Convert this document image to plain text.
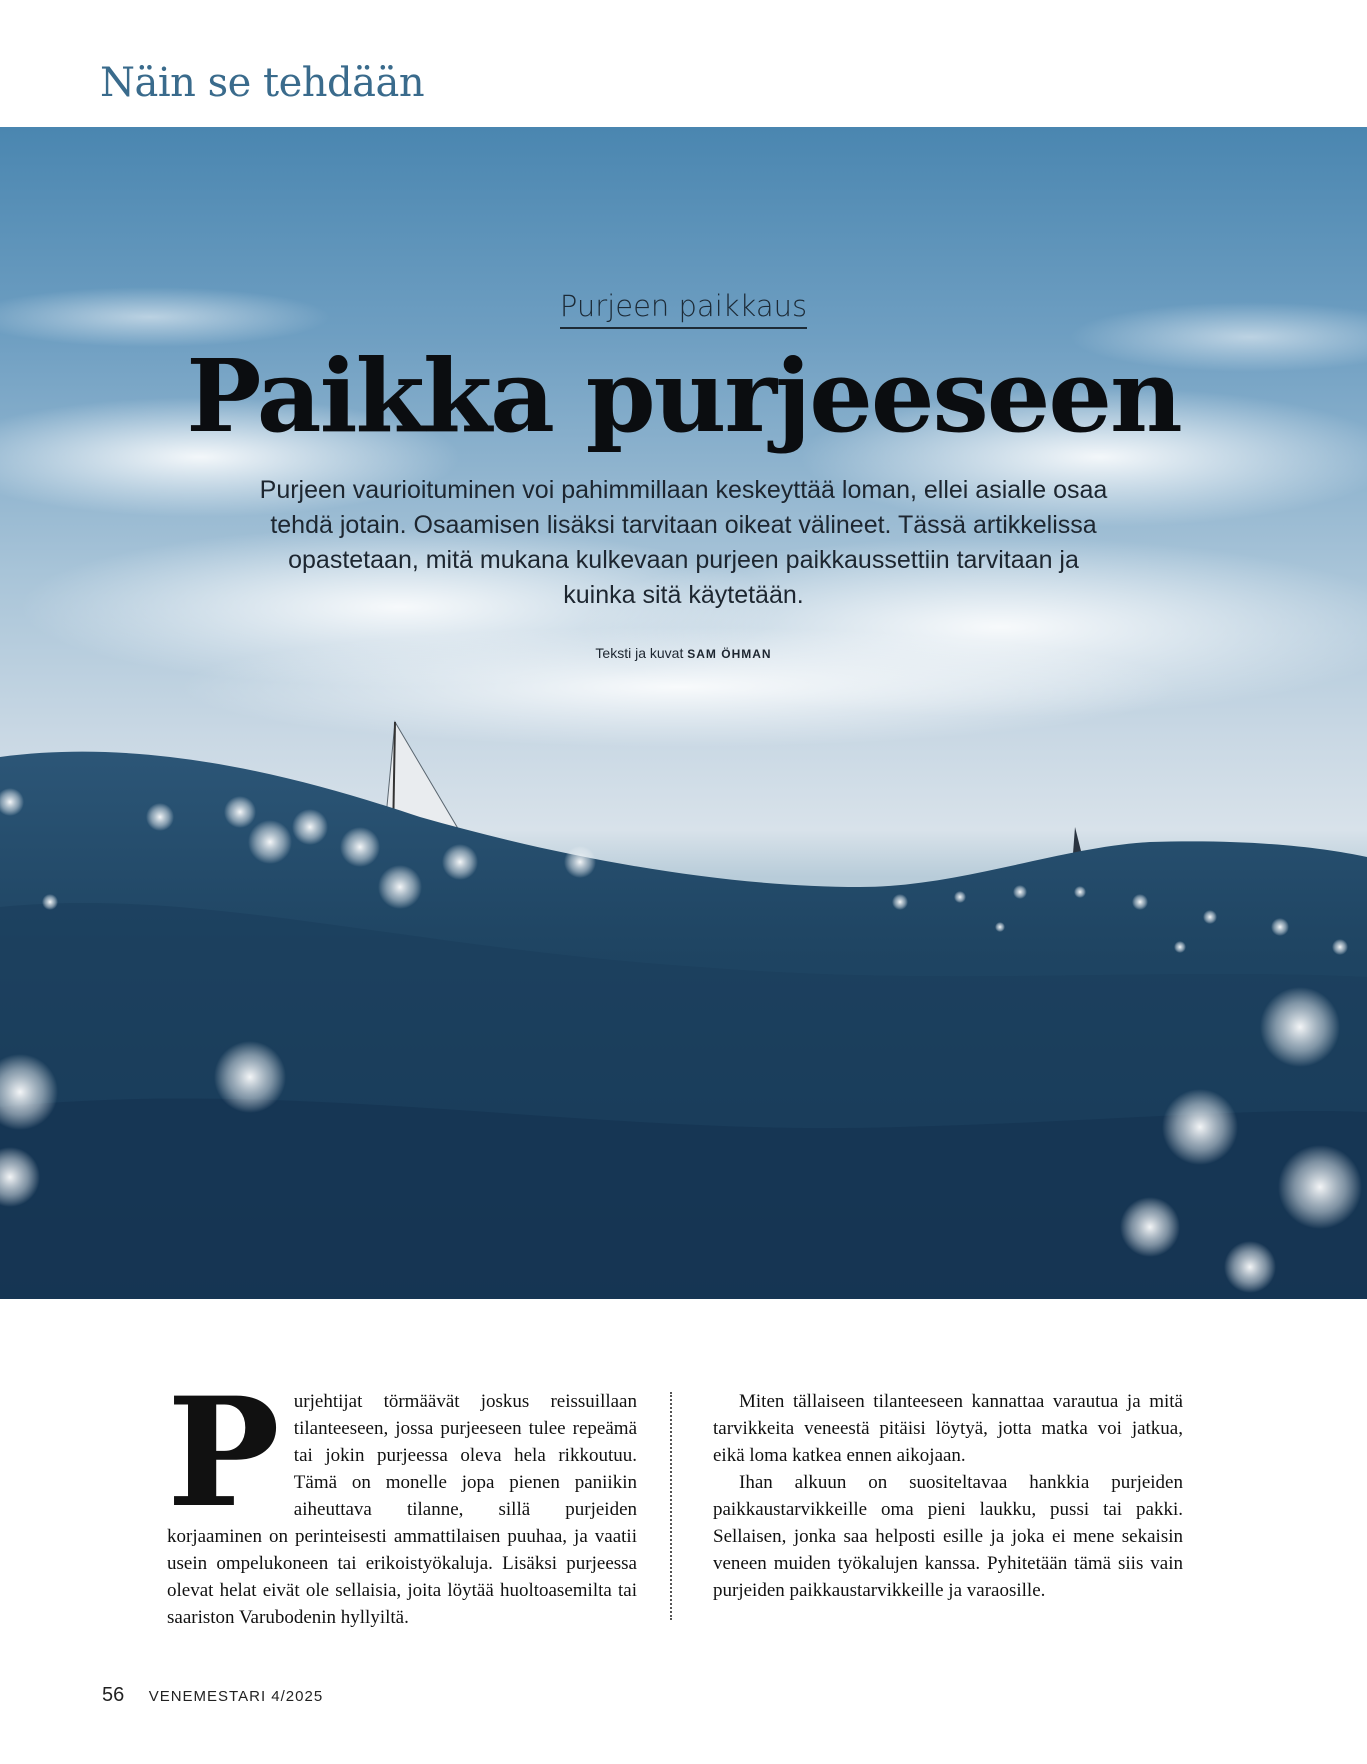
Näin se tehdään
Purjeen paikkaus
Paikka purjeeseen
Purjeen vaurioituminen voi pahimmillaan keskeyttää loman, ellei asialle osaa tehdä jotain. Osaamisen lisäksi tarvitaan oikeat välineet. Tässä artikkelissa opastetaan, mitä mukana kulkevaan purjeen paikkaussettiin tarvitaan ja kuinka sitä käytetään.
Teksti ja kuvat SAM ÖHMAN
P urjehtijat törmäävät joskus reissuillaan tilanteeseen, jossa purjeeseen tulee repeämä tai jokin purjeessa oleva hela rikkoutuu. Tämä on monelle jopa pienen paniikin aiheuttava tilanne, sillä purjeiden korjaaminen on perinteisesti ammattilaisen puuhaa, ja vaatii usein ompelukoneen tai erikoistyökaluja. Lisäksi purjeessa olevat helat eivät ole sellaisia, joita löytää huoltoasemilta tai saariston Varubodenin hyllyiltä.

Miten tällaiseen tilanteeseen kannattaa varautua ja mitä tarvikkeita veneestä pitäisi löytyä, jotta matka voi jatkua, eikä loma katkea ennen aikojaan.

Ihan alkuun on suositeltavaa hankkia purjeiden paikkaustarvikkeille oma pieni laukku, pussi tai pakki. Sellaisen, jonka saa helposti esille ja joka ei mene sekaisin veneen muiden työkalujen kanssa. Pyhitetään tämä siis vain purjeiden paikkaustarvikkeille ja varaosille.

56 VENEMESTARI 4/2025
